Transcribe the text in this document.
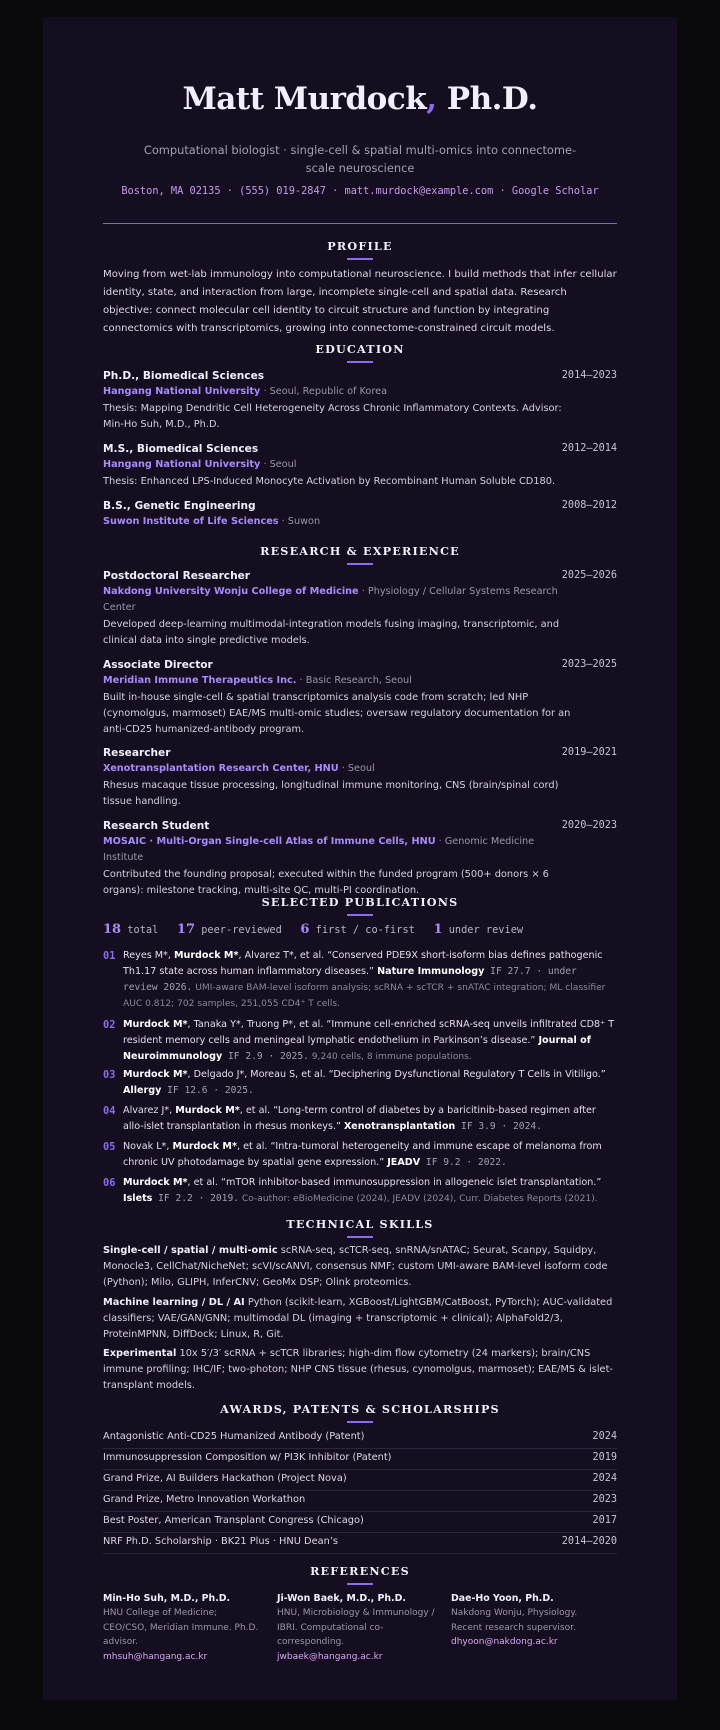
Matt Murdock, Ph.D.
Computational biologist · single-cell & spatial multi-omics into connectome-scale neuroscience
Boston, MA 02135 · (555) 019-2847 · matt.murdock@example.com · Google Scholar
PROFILE
Moving from wet-lab immunology into computational neuroscience. I build methods that infer cellular identity, state, and interaction from large, incomplete single-cell and spatial data. Research objective: connect molecular cell identity to circuit structure and function by integrating connectomics with transcriptomics, growing into connectome-constrained circuit models.
EDUCATION
Ph.D., Biomedical Sciences	2014–2023
Hangang National University · Seoul, Republic of Korea
Thesis: Mapping Dendritic Cell Heterogeneity Across Chronic Inflammatory Contexts. Advisor: Min-Ho Suh, M.D., Ph.D.
M.S., Biomedical Sciences	2012–2014
Hangang National University · Seoul
Thesis: Enhanced LPS-Induced Monocyte Activation by Recombinant Human Soluble CD180.
B.S., Genetic Engineering	2008–2012
Suwon Institute of Life Sciences · Suwon
RESEARCH & EXPERIENCE
Postdoctoral Researcher	2025–2026
Nakdong University Wonju College of Medicine · Physiology / Cellular Systems Research Center
Developed deep-learning multimodal-integration models fusing imaging, transcriptomic, and clinical data into single predictive models.
Associate Director	2023–2025
Meridian Immune Therapeutics Inc. · Basic Research, Seoul
Built in-house single-cell & spatial transcriptomics analysis code from scratch; led NHP (cynomolgus, marmoset) EAE/MS multi-omic studies; oversaw regulatory documentation for an anti-CD25 humanized-antibody program.
Researcher	2019–2021
Xenotransplantation Research Center, HNU · Seoul
Rhesus macaque tissue processing, longitudinal immune monitoring, CNS (brain/spinal cord) tissue handling.
Research Student	2020–2023
MOSAIC · Multi-Organ Single-cell Atlas of Immune Cells, HNU · Genomic Medicine Institute
Contributed the founding proposal; executed within the funded program (500+ donors × 6 organs): milestone tracking, multi-site QC, multi-PI coordination.
SELECTED PUBLICATIONS
18 total 17 peer-reviewed 6 first / co-first 1 under review
01 Reyes M*, Murdock M*, Alvarez T*, et al. “Conserved PDE9X short-isoform bias defines pathogenic Th1.17 state across human inflammatory diseases.” Nature Immunology IF 27.7 · under review 2026. UMI-aware BAM-level isoform analysis; scRNA + scTCR + snATAC integration; ML classifier AUC 0.812; 702 samples, 251,055 CD4⁺ T cells.
02 Murdock M*, Tanaka Y*, Truong P*, et al. “Immune cell-enriched scRNA-seq unveils infiltrated CD8⁺ T resident memory cells and meningeal lymphatic endothelium in Parkinson’s disease.” Journal of Neuroimmunology IF 2.9 · 2025. 9,240 cells, 8 immune populations.
03 Murdock M*, Delgado J*, Moreau S, et al. “Deciphering Dysfunctional Regulatory T Cells in Vitiligo.” Allergy IF 12.6 · 2025.
04 Alvarez J*, Murdock M*, et al. “Long-term control of diabetes by a baricitinib-based regimen after allo-islet transplantation in rhesus monkeys.” Xenotransplantation IF 3.9 · 2024.
05 Novak L*, Murdock M*, et al. “Intra-tumoral heterogeneity and immune escape of melanoma from chronic UV photodamage by spatial gene expression.” JEADV IF 9.2 · 2022.
06 Murdock M*, et al. “mTOR inhibitor-based immunosuppression in allogeneic islet transplantation.” Islets IF 2.2 · 2019. Co-author: eBioMedicine (2024), JEADV (2024), Curr. Diabetes Reports (2021).
TECHNICAL SKILLS
Single-cell / spatial / multi-omic scRNA-seq, scTCR-seq, snRNA/snATAC; Seurat, Scanpy, Squidpy, Monocle3, CellChat/NicheNet; scVI/scANVI, consensus NMF; custom UMI-aware BAM-level isoform code (Python); Milo, GLIPH, InferCNV; GeoMx DSP; Olink proteomics.
Machine learning / DL / AI Python (scikit-learn, XGBoost/LightGBM/CatBoost, PyTorch); AUC-validated classifiers; VAE/GAN/GNN; multimodal DL (imaging + transcriptomic + clinical); AlphaFold2/3, ProteinMPNN, DiffDock; Linux, R, Git.
Experimental 10x 5′/3′ scRNA + scTCR libraries; high-dim flow cytometry (24 markers); brain/CNS immune profiling; IHC/IF; two-photon; NHP CNS tissue (rhesus, cynomolgus, marmoset); EAE/MS & islet-transplant models.
AWARDS, PATENTS & SCHOLARSHIPS
Antagonistic Anti-CD25 Humanized Antibody (Patent)	2024
Immunosuppression Composition w/ PI3K Inhibitor (Patent)	2019
Grand Prize, AI Builders Hackathon (Project Nova)	2024
Grand Prize, Metro Innovation Workathon	2023
Best Poster, American Transplant Congress (Chicago)	2017
NRF Ph.D. Scholarship · BK21 Plus · HNU Dean’s	2014–2020
REFERENCES
Min-Ho Suh, M.D., Ph.D.
HNU College of Medicine; CEO/CSO, Meridian Immune. Ph.D. advisor.
mhsuh@hangang.ac.kr
Ji-Won Baek, M.D., Ph.D.
HNU, Microbiology & Immunology / IBRI. Computational co-corresponding.
jwbaek@hangang.ac.kr
Dae-Ho Yoon, Ph.D.
Nakdong Wonju, Physiology. Recent research supervisor.
dhyoon@nakdong.ac.kr
